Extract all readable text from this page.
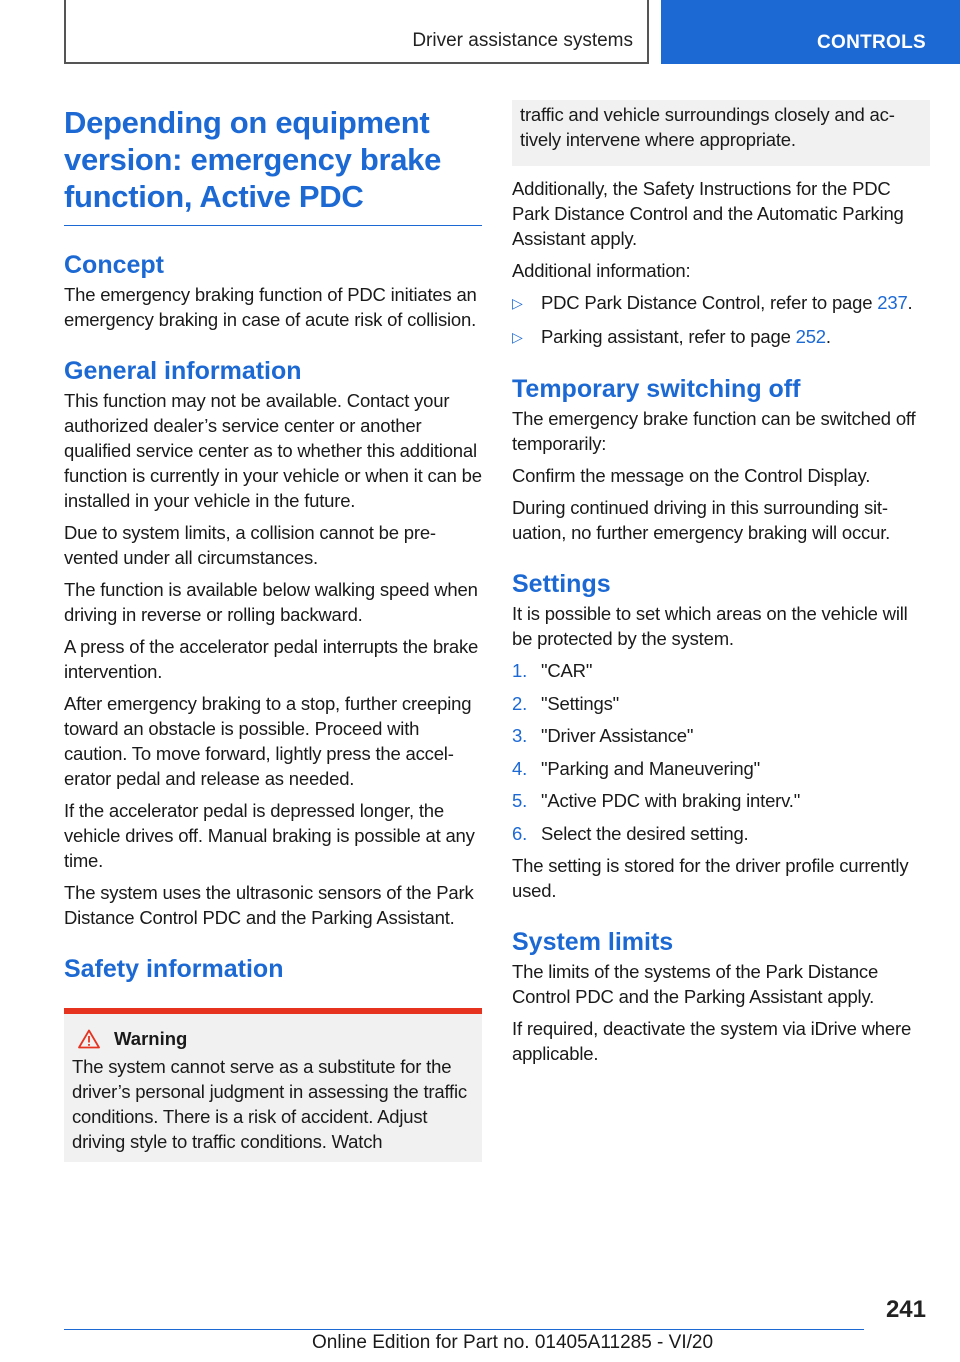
Driver assistance systems	CONTROLS
Depending on equipment version: emergency brake function, Active PDC
Concept

The emergency braking function of PDC initiates an emergency braking in case of acute risk of collision.

General information

This function may not be available. Contact your authorized dealer’s service center or another qualified service center as to whether this additional function is currently in your vehicle or when it can be installed in your vehicle in the future.

Due to system limits, a collision cannot be prevented under all circumstances.

The function is available below walking speed when driving in reverse or rolling backward.

A press of the accelerator pedal interrupts the brake intervention.

After emergency braking to a stop, further creeping toward an obstacle is possible. Proceed with caution. To move forward, lightly press the accelerator pedal and release as needed.

If the accelerator pedal is depressed longer, the vehicle drives off. Manual braking is possible at any time.

The system uses the ultrasonic sensors of the Park Distance Control PDC and the Parking Assistant.

Safety information
Warning

The system cannot serve as a substitute for the driver’s personal judgment in assessing the traffic conditions. There is a risk of accident. Adjust driving style to traffic conditions. Watch

traffic and vehicle surroundings closely and actively intervene where appropriate.

Additionally, the Safety Instructions for the PDC Park Distance Control and the Automatic Parking Assistant apply.

Additional information:

▷ PDC Park Distance Control, refer to page 237.
▷ Parking assistant, refer to page 252.
Temporary switching off

The emergency brake function can be switched off temporarily:

Confirm the message on the Control Display.

During continued driving in this surrounding situation, no further emergency braking will occur.

Settings

It is possible to set which areas on the vehicle will be protected by the system.

1. "CAR"
2. "Settings"
3. "Driver Assistance"
4. "Parking and Maneuvering"
5. "Active PDC with braking interv."
6. Select the desired setting.

The setting is stored for the driver profile currently used.

System limits

The limits of the systems of the Park Distance Control PDC and the Parking Assistant apply.

If required, deactivate the system via iDrive where applicable.

241
Online Edition for Part no. 01405A11285 - VI/20
